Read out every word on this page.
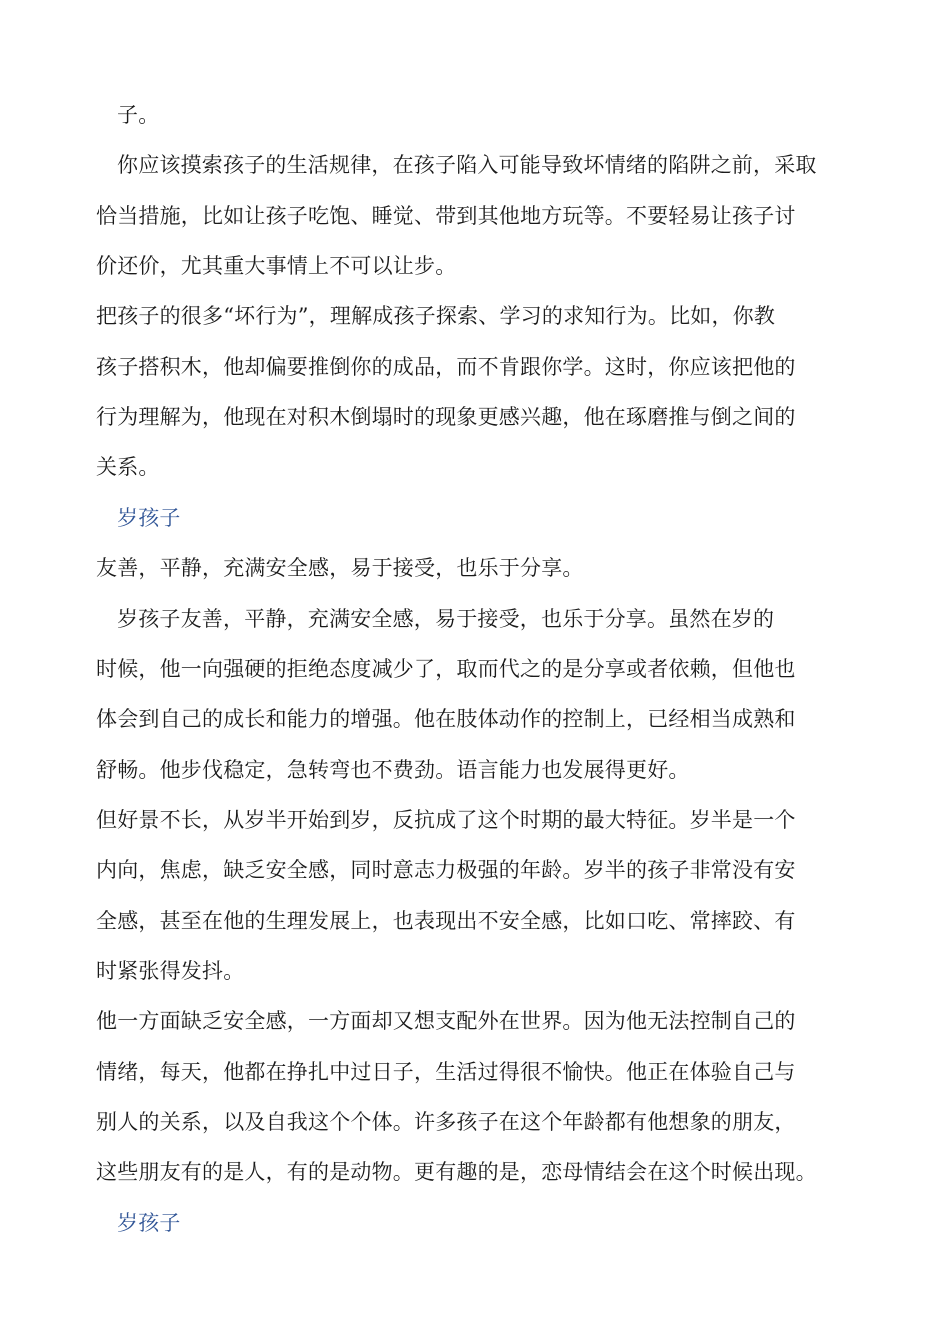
子。
你应该摸索孩子的生活规律，在孩子陷入可能导致坏情绪的陷阱之前，采取
恰当措施，比如让孩子吃饱、睡觉、带到其他地方玩等。不要轻易让孩子讨
价还价，尤其重大事情上不可以让步。
把孩子的很多“坏行为”，理解成孩子探索、学习的求知行为。比如，你教
孩子搭积木，他却偏要推倒你的成品，而不肯跟你学。这时，你应该把他的
行为理解为，他现在对积木倒塌时的现象更感兴趣，他在琢磨推与倒之间的
关系。
岁孩子
友善，平静，充满安全感，易于接受，也乐于分享。
岁孩子友善，平静，充满安全感，易于接受，也乐于分享。虽然在岁的
时候，他一向强硬的拒绝态度减少了，取而代之的是分享或者依赖，但他也
体会到自己的成长和能力的增强。他在肢体动作的控制上，已经相当成熟和
舒畅。他步伐稳定，急转弯也不费劲。语言能力也发展得更好。
但好景不长，从岁半开始到岁，反抗成了这个时期的最大特征。岁半是一个
内向，焦虑，缺乏安全感，同时意志力极强的年龄。岁半的孩子非常没有安
全感，甚至在他的生理发展上，也表现出不安全感，比如口吃、常摔跤、有
时紧张得发抖。
他一方面缺乏安全感，一方面却又想支配外在世界。因为他无法控制自己的
情绪，每天，他都在挣扎中过日子，生活过得很不愉快。他正在体验自己与
别人的关系，以及自我这个个体。许多孩子在这个年龄都有他想象的朋友，
这些朋友有的是人，有的是动物。更有趣的是，恋母情结会在这个时候出现。
岁孩子
